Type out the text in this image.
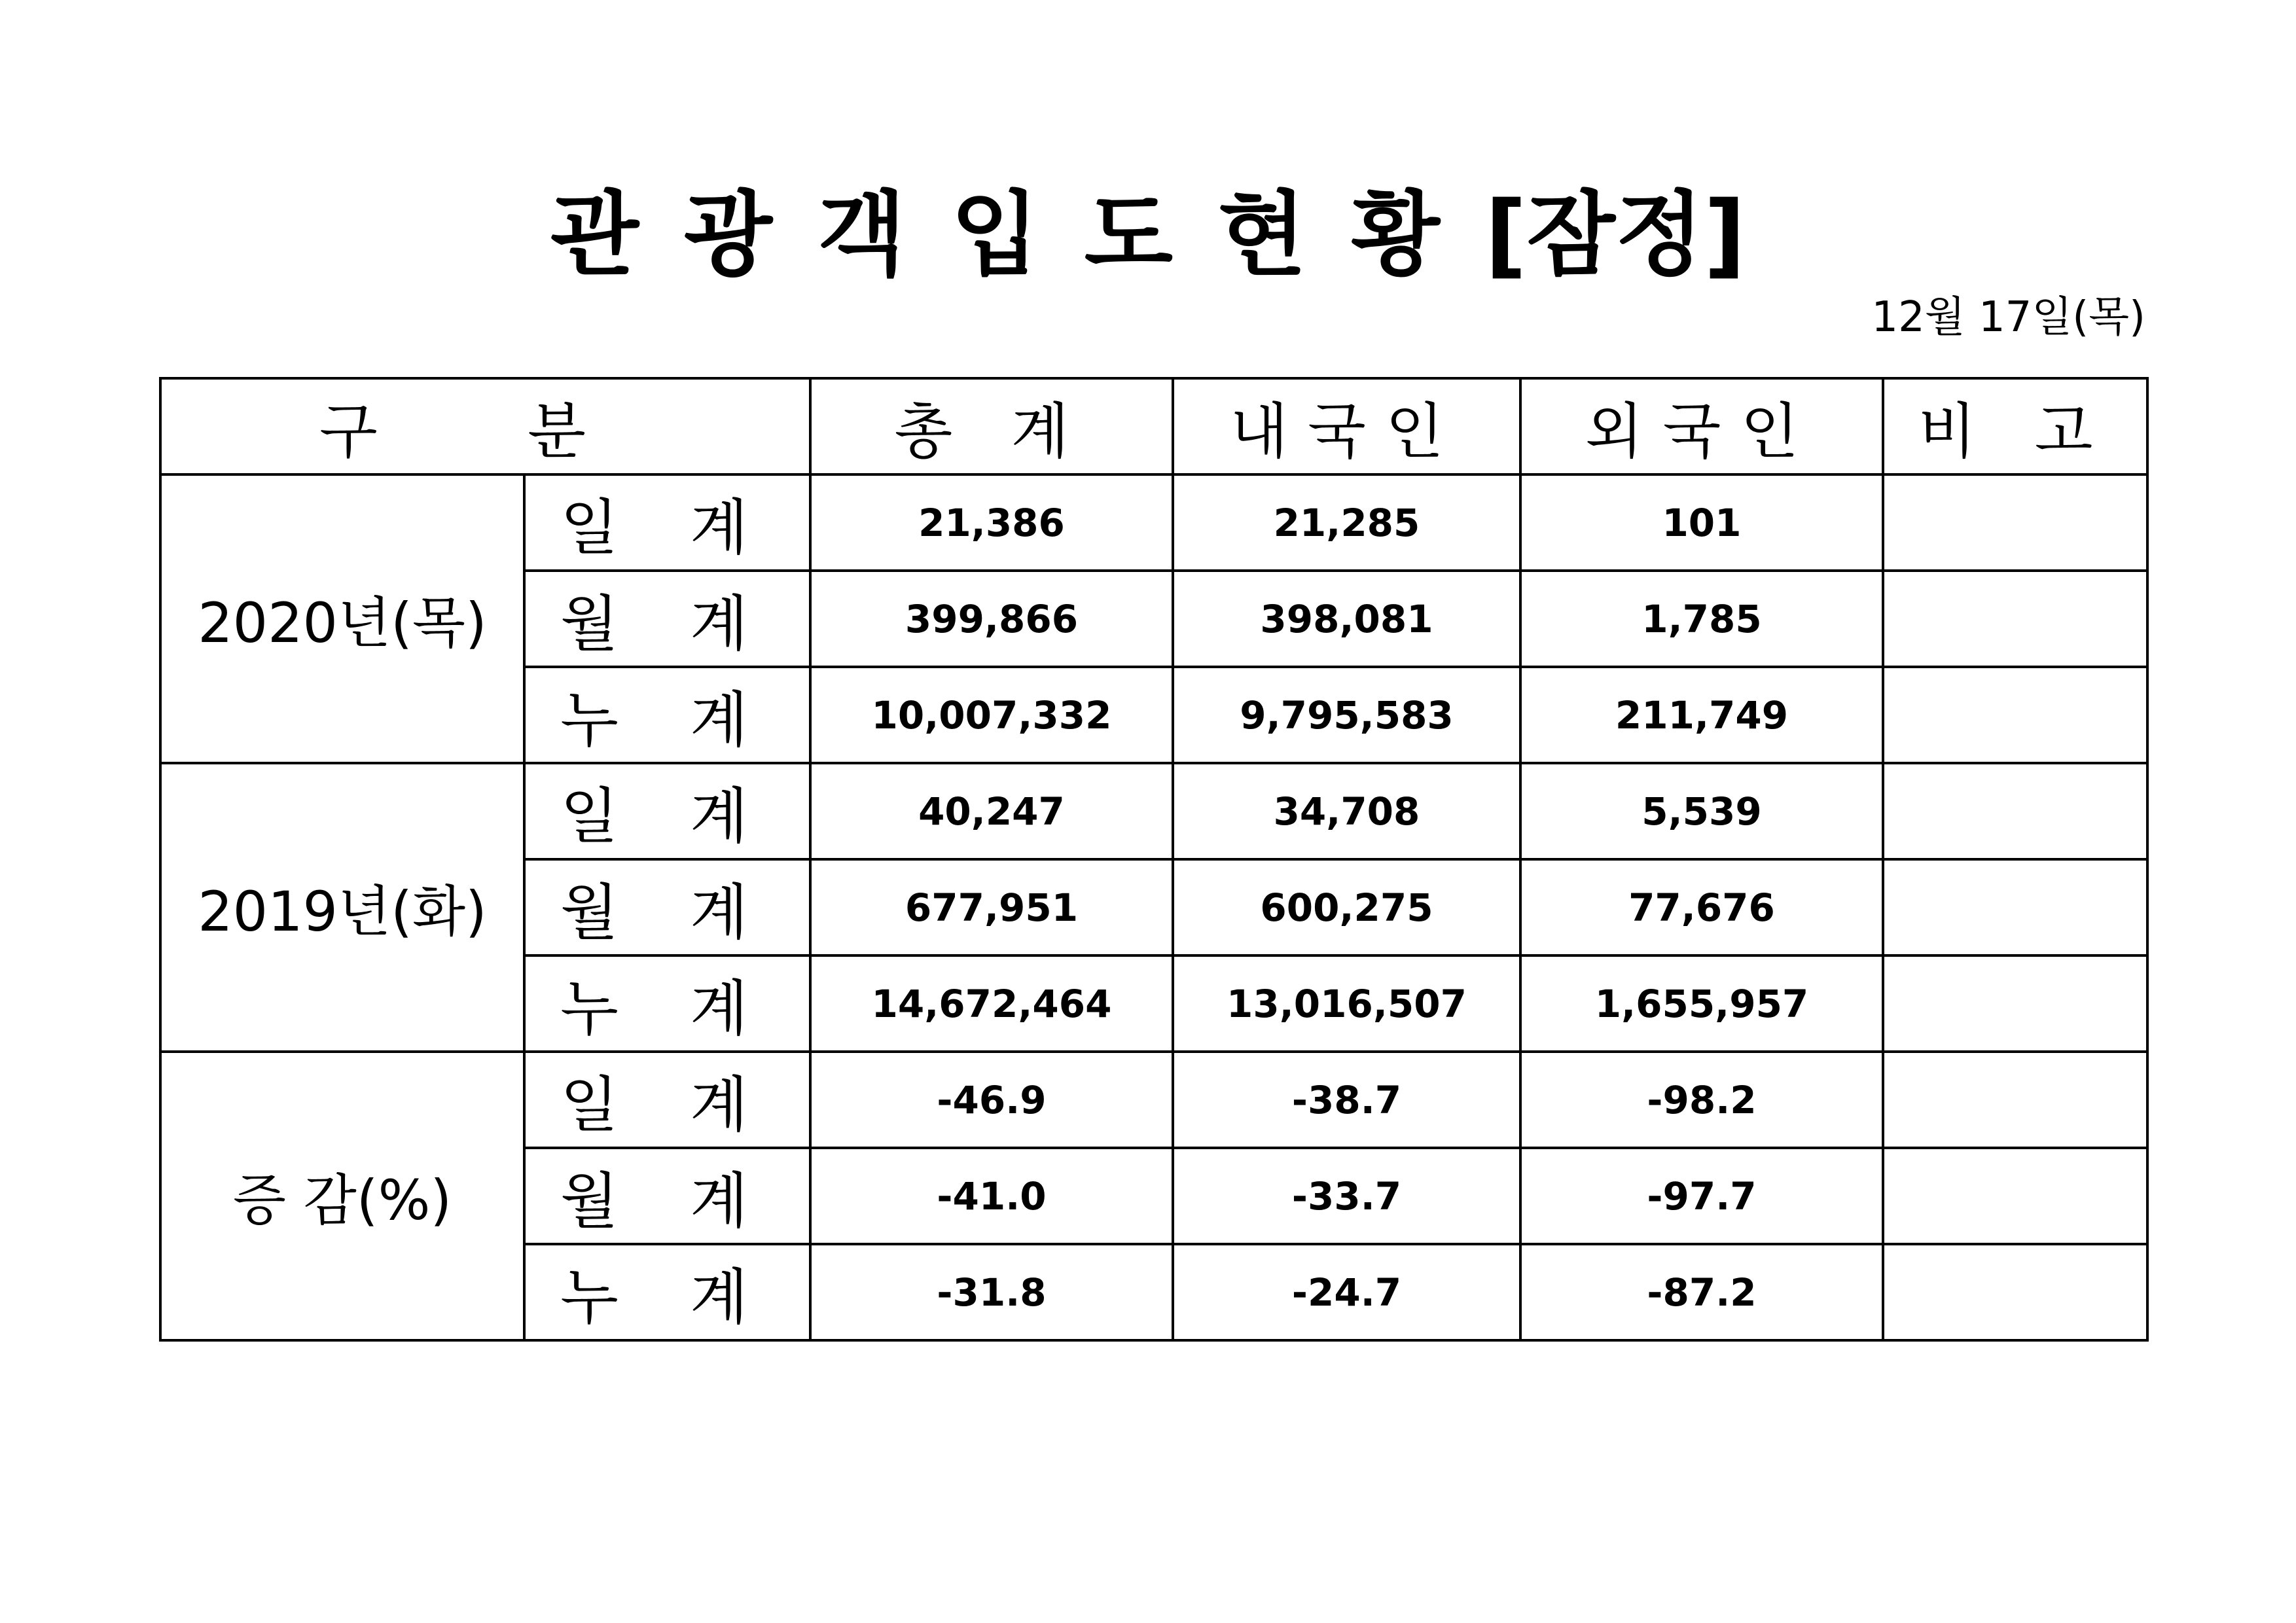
관 광 객 입 도 현 황 [잠정]
12월 17일(목)
구 분		총 계	내국인	외국인	비 고
2020년(목)	일 계	21,386	21,285	101	
	월 계	399,866	398,081	1,785	
	누 계	10,007,332	9,795,583	211,749	
2019년(화)	일 계	40,247	34,708	5,539	
	월 계	677,951	600,275	77,676	
	누 계	14,672,464	13,016,507	1,655,957	
증 감(%)	일 계	-46.9	-38.7	-98.2	
	월 계	-41.0	-33.7	-97.7	
	누 계	-31.8	-24.7	-87.2	
